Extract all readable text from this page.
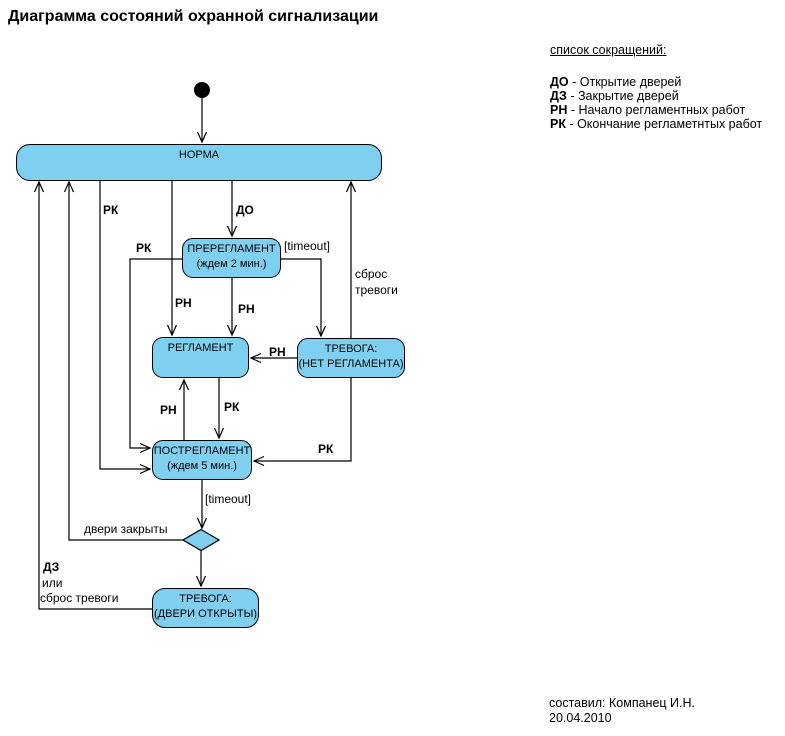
Диаграмма состояний охранной сигнализации
список сокращений:
ДО - Открытие дверей
ДЗ - Закрытие дверей
РН - Начало регламентных работ
РК - Окончание регламетнтых работ
НОРМА
ПРЕРЕГЛАМЕНТ
(ждем 2 мин.)
РЕГЛАМЕНТ	ТРЕВОГА:
(НЕТ РЕГЛАМЕНТА)
ПОСТРЕГЛАМЕНТ
(ждем 5 мин.)
ТРЕВОГА:
(ДВЕРИ ОТКРЫТЫ)
РК	ДО
РК	[timeout]
сброс тревоги
РН	РН
РН
РН	РК
РК
[timeout]
двери закрыты
ДЗ
или
сброс тревоги
составил: Компанец И.Н.
20.04.2010
